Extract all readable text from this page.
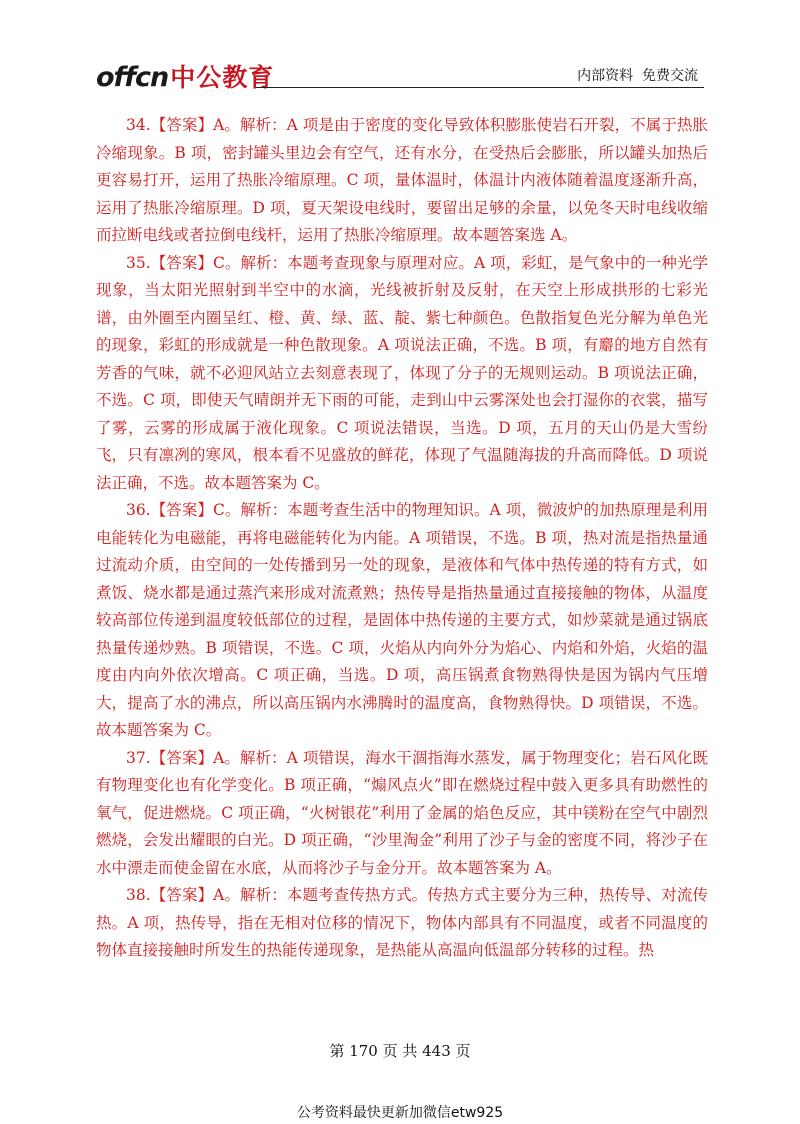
offcn 中公教育	内部资料  免费交流

34.【答案】A。解析：A 项是由于密度的变化导致体积膨胀使岩石开裂，不属于热胀冷缩现象。B 项，密封罐头里边会有空气，还有水分，在受热后会膨胀，所以罐头加热后更容易打开，运用了热胀冷缩原理。C 项，量体温时，体温计内液体随着温度逐渐升高，运用了热胀冷缩原理。D 项，夏天架设电线时，要留出足够的余量，以免冬天时电线收缩而拉断电线或者拉倒电线杆，运用了热胀冷缩原理。故本题答案选 A。

35.【答案】C。解析：本题考查现象与原理对应。A 项，彩虹，是气象中的一种光学现象，当太阳光照射到半空中的水滴，光线被折射及反射，在天空上形成拱形的七彩光谱，由外圈至内圈呈红、橙、黄、绿、蓝、靛、紫七种颜色。色散指复色光分解为单色光的现象，彩虹的形成就是一种色散现象。A 项说法正确，不选。B 项，有麝的地方自然有芳香的气味，就不必迎风站立去刻意表现了，体现了分子的无规则运动。B 项说法正确，不选。C 项，即使天气晴朗并无下雨的可能，走到山中云雾深处也会打湿你的衣裳，描写了雾，云雾的形成属于液化现象。C 项说法错误，当选。D 项，五月的天山仍是大雪纷飞，只有凛冽的寒风，根本看不见盛放的鲜花，体现了气温随海拔的升高而降低。D 项说法正确，不选。故本题答案为 C。

36.【答案】C。解析：本题考查生活中的物理知识。A 项，微波炉的加热原理是利用电能转化为电磁能，再将电磁能转化为内能。A 项错误，不选。B 项，热对流是指热量通过流动介质，由空间的一处传播到另一处的现象，是液体和气体中热传递的特有方式，如煮饭、烧水都是通过蒸汽来形成对流煮熟；热传导是指热量通过直接接触的物体，从温度较高部位传递到温度较低部位的过程，是固体中热传递的主要方式，如炒菜就是通过锅底热量传递炒熟。B 项错误，不选。C 项，火焰从内向外分为焰心、内焰和外焰，火焰的温度由内向外依次增高。C 项正确，当选。D 项，高压锅煮食物熟得快是因为锅内气压增大，提高了水的沸点，所以高压锅内水沸腾时的温度高，食物熟得快。D 项错误，不选。故本题答案为 C。

37.【答案】A。解析：A 项错误，海水干涸指海水蒸发，属于物理变化；岩石风化既有物理变化也有化学变化。B 项正确，“煽风点火”即在燃烧过程中鼓入更多具有助燃性的氧气，促进燃烧。C 项正确，“火树银花”利用了金属的焰色反应，其中镁粉在空气中剧烈燃烧，会发出耀眼的白光。D 项正确，“沙里淘金”利用了沙子与金的密度不同，将沙子在水中漂走而使金留在水底，从而将沙子与金分开。故本题答案为 A。

38.【答案】A。解析：本题考查传热方式。传热方式主要分为三种，热传导、对流传热。A 项，热传导，指在无相对位移的情况下，物体内部具有不同温度，或者不同温度的物体直接接触时所发生的热能传递现象，是热能从高温向低温部分转移的过程。热

第 170 页 共 443 页
公考资料最快更新加微信etw925
